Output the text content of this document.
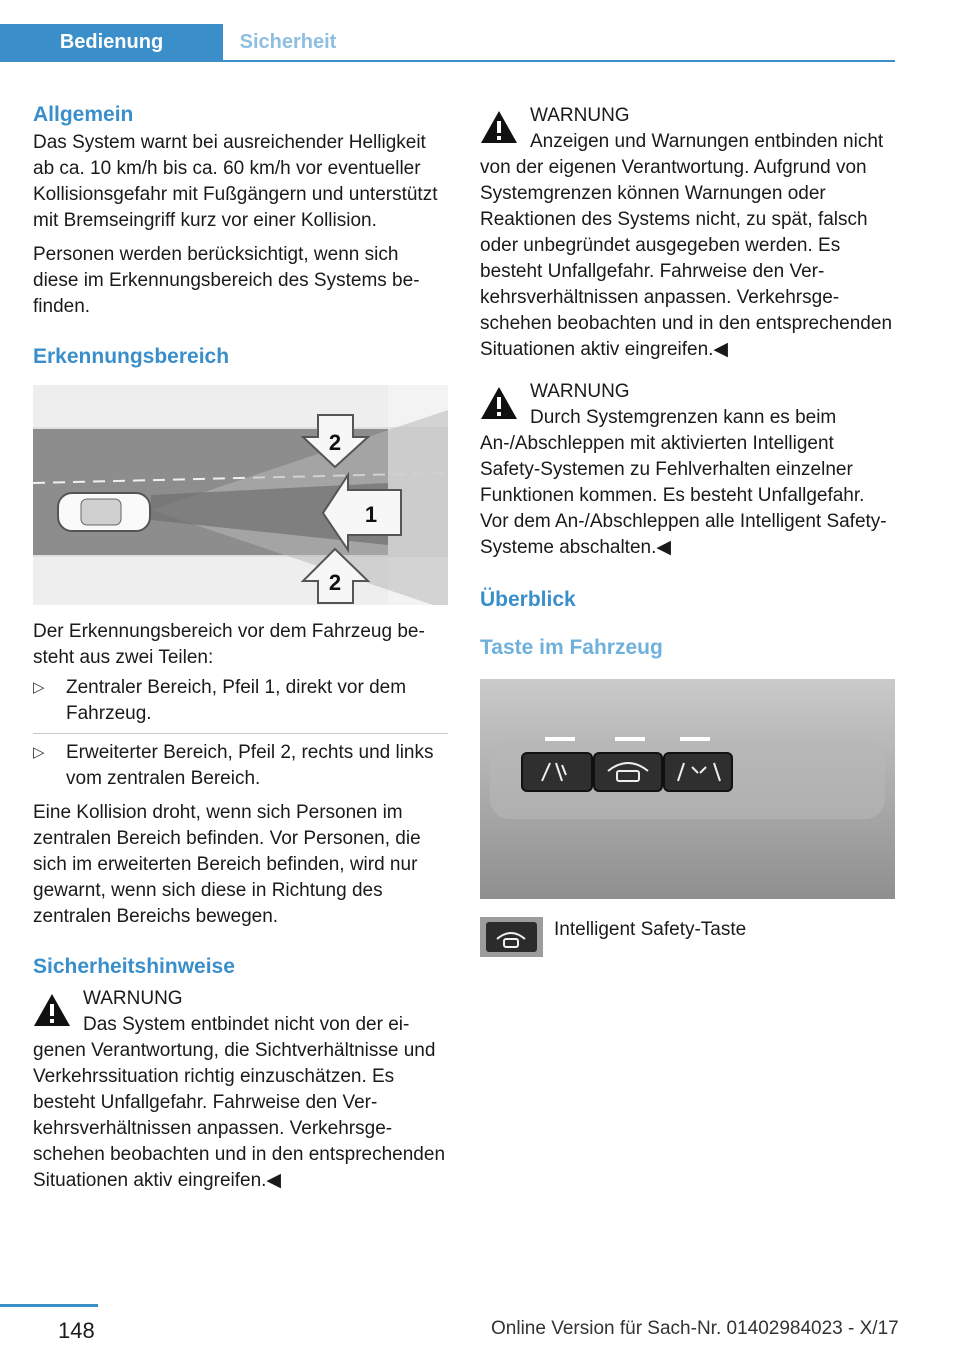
Bedienung	Sicherheit
Allgemein

Das System warnt bei ausreichender Helligkeit ab ca. 10 km/h bis ca. 60 km/h vor eventueller Kollisionsgefahr mit Fußgängern und unterstützt mit Bremseingriff kurz vor einer Kollision.

Personen werden berücksichtigt, wenn sich diese im Erkennungsbereich des Systems befinden.

Erkennungsbereich
2
1
2

Der Erkennungsbereich vor dem Fahrzeug besteht aus zwei Teilen:

▷ Zentraler Bereich, Pfeil 1, direkt vor dem Fahrzeug.
▷ Erweiterter Bereich, Pfeil 2, rechts und links vom zentralen Bereich.

Eine Kollision droht, wenn sich Personen im zentralen Bereich befinden. Vor Personen, die sich im erweiterten Bereich befinden, wird nur gewarnt, wenn sich diese in Richtung des zentralen Bereichs bewegen.

Sicherheitshinweise
WARNUNG

Das System entbindet nicht von der eigenen Verantwortung, die Sichtverhältnisse und Verkehrssituation richtig einzuschätzen. Es besteht Unfallgefahr. Fahrweise den Verkehrsverhältnissen anpassen. Verkehrsgeschehen beobachten und in den entsprechenden Situationen aktiv eingreifen.◀

WARNUNG

Anzeigen und Warnungen entbinden nicht von der eigenen Verantwortung. Aufgrund von Systemgrenzen können Warnungen oder Reaktionen des Systems nicht, zu spät, falsch oder unbegründet ausgegeben werden. Es besteht Unfallgefahr. Fahrweise den Verkehrsverhältnissen anpassen. Verkehrsgeschehen beobachten und in den entsprechenden Situationen aktiv eingreifen.◀

WARNUNG

Durch Systemgrenzen kann es beim An-/Abschleppen mit aktivierten Intelligent Safety-Systemen zu Fehlverhalten einzelner Funktionen kommen. Es besteht Unfallgefahr. Vor dem An-/Abschleppen alle Intelligent Safety-Systeme abschalten.◀

Überblick
Taste im Fahrzeug
Intelligent Safety-Taste
148	Online Version für Sach-Nr. 01402984023 - X/17
